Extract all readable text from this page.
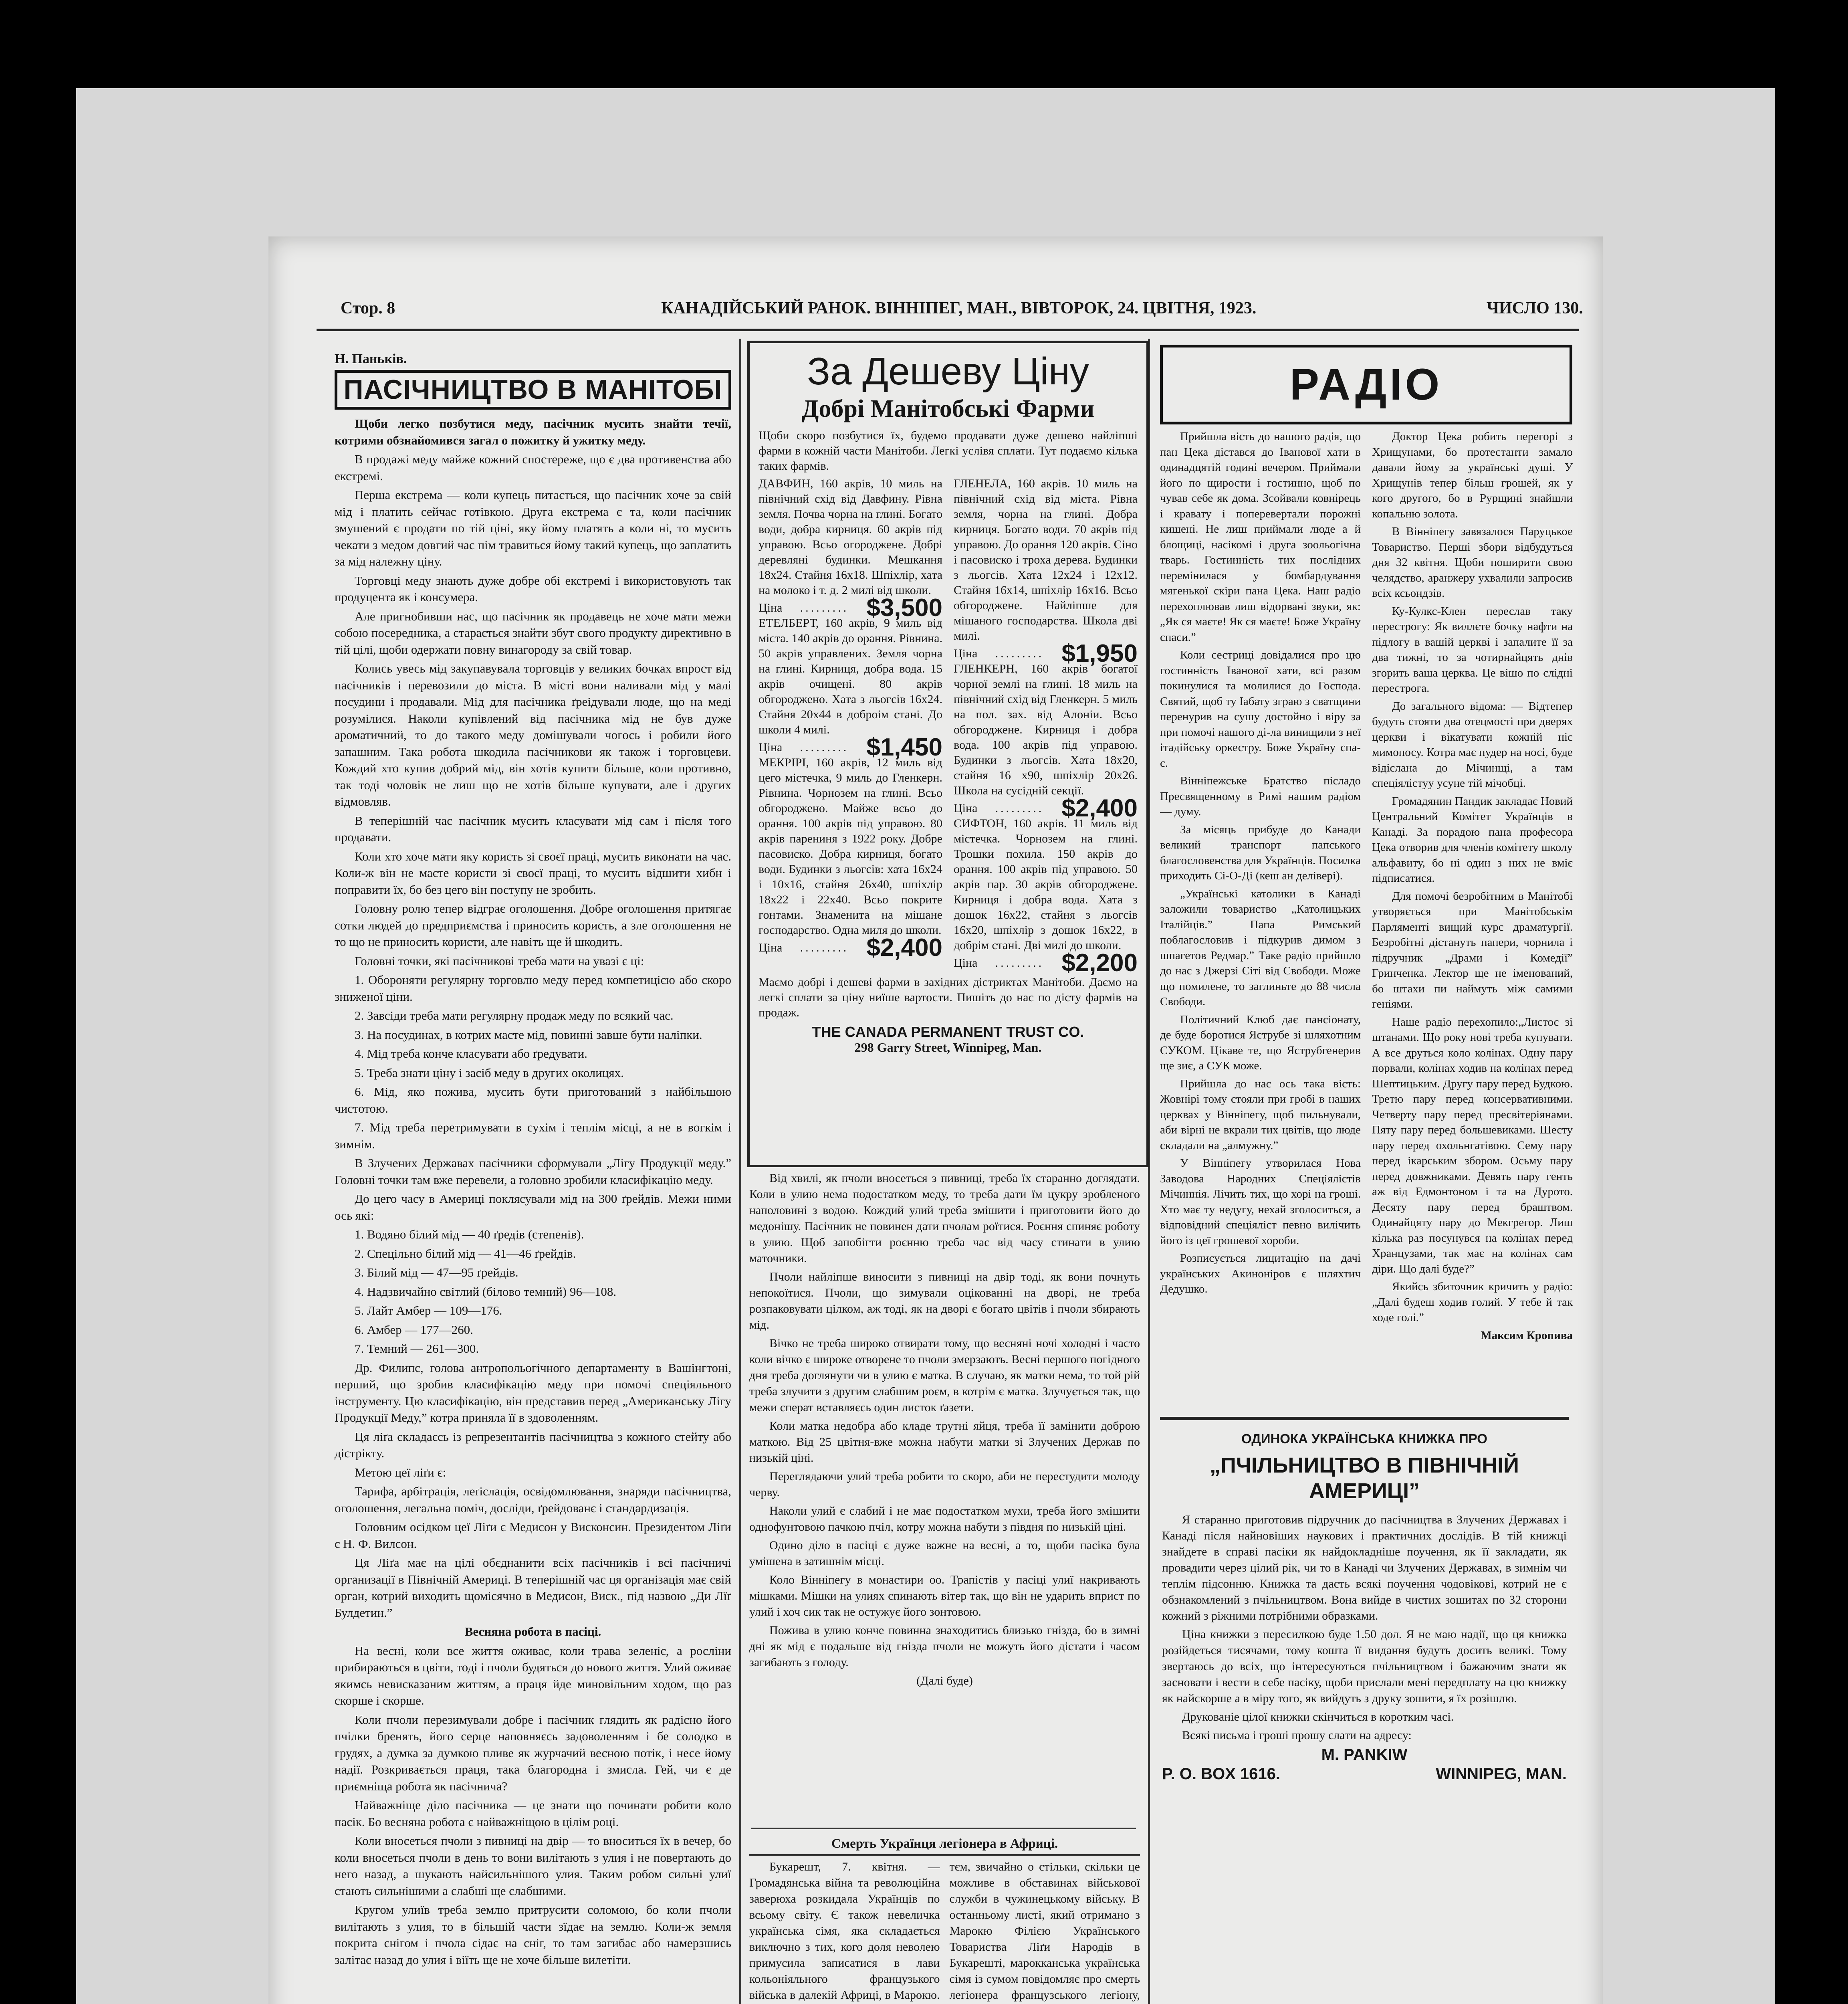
Стор. 8	КАНАДІЙСЬКИЙ РАНОК. ВІННІПЕГ, МАН., ВІВТОРОК, 24. ЦВІТНЯ, 1923.	ЧИСЛО 130.
Н. Паньків.
ПАСІЧНИЦТВО В МАНІТОБІ

Щоби легко позбутися меду, пасічник мусить знайти течії, котрими обзнайомився загал о пожитку й ужитку меду.

В продажі меду майже кожний спостереже, що є два противенства або екстремі.

Перша екстрема — коли купець питається, що пасічник хоче за свій мід і платить сейчас готівкою. Друга екстрема є та, коли пасічник змушений є продати по тій ціні, яку йому платять а коли ні, то мусить чекати з медом довгий час пім травиться йому такий купець, що заплатить за мід належну ціну.

Торговці меду знають дуже добре обі екстремі і використовують так продуцента як і консумера.

Але пригнобивши нас, що пасічник як продавець не хоче мати межи собою посередника, а старається знайти збут свого продукту директивно в тій цілі, щоби одержати повну винагороду за свій товар.

Колись увесь мід закупавувала торговців у великих бочках впрост від пасічників і перевозили до міста. В місті вони наливали мід у малі посудини і продавали. Мід для пасічника ґреідували люде, що на меді розумілися. Наколи купівлений від пасічника мід не був дуже ароматичний, то до такого меду домішували чогось і робили його запашним. Така робота шкодила пасічникови як також і торговцеви. Кождий хто купив добрий мід, він хотів купити більше, коли противно, так тоді чоловік не лиш що не хотів більше купувати, але і других відмовляв.

В теперішній час пасічник мусить класувати мід сам і після того продавати.

Коли хто хоче мати яку користь зі своєї праці, мусить виконати на час. Коли-ж він не маєте користи зі своєї праці, то мусить відшити хибн і поправити їх, бо без цего він поступу не зробить.

Головну ролю тепер відграє оголошення. Добре оголошення притягає сотки людей до предприємства і приносить користь, а зле оголошення не то що не приносить користи, але навіть ще й шкодить.

Головні точки, які пасічникові треба мати на увазі є ці:

1. Обороняти регулярну торговлю меду перед компетицією або скоро зниженої ціни.

2. Завсіди треба мати регулярну продаж меду по всякий час.

3. На посудинах, в котрих масте мід, повинні завше бути наліпки.

4. Мід треба конче класувати або ґредувати.

5. Треба знати ціну і засіб меду в других околицях.

6. Мід, яко поживa, мусить бути приготований з найбільшою чистотою.

7. Мід треба перетримувати в сухім і теплім місці, а не в вогкім і зимнім.

В Злучених Державах пасічники сформували „Лігу Продукції меду.” Головні точки там вже перевели, а головно зробили класифікацію меду.

До цего часу в Америці поклясували мід на 300 ґрейдів. Межи ними ось які:

1. Водяно білий мід — 40 ґредів (степенів).

2. Спецільно білий мід — 41—46 ґрейдів.

3. Білий мід — 47—95 ґрейдів.

4. Надзвичайно світлий (білово темний) 96—108.

5. Лайт Амбер — 109—176.

6. Амбер — 177—260.

7. Темний — 261—300.

Др. Филипс, голова антропольогічного департаменту в Вашінгтоні, перший, що зробив класифікацію меду при помочі спеціяльного інструменту. Цю класифікацію, він представив перед „Американську Лігу Продукції Меду,” котра приняла її в здоволенням.

Ця ліґа складаєсь із репрезентантів пасічництва з кожного стейту або дістрікту.

Метою цеї ліґи є:

Тарифа, арбітрація, леґіслація, освідомлювання, знаряди пасічництва, оголошення, легальна поміч, досліди, ґрейдованє і стандардизація.

Головним осідком цеї Ліґи є Медисон у Висконсин. Президентом Ліґи є Н. Ф. Вилсон.

Ця Ліґа має на цілі обєднанити всіх пасічників і всі пасічничі организації в Північній Америці. В теперішній час ця організація має свій орган, котрий виходить щомісячно в Медисон, Виск., під назвою „Ди Лїґ Булдетин.”

Весняна робота в пасіці.

На весні, коли все життя оживає, коли трава зеленіє, а росліни прибираються в цвіти, тоді і пчоли будяться до новогo життя. Улий оживає якимсь невисказаним життям, а праця йде миновільним ходом, що раз скорше і скорше.

Коли пчоли перезимували добре і пасічник глядить як радісно його пчілки бренять, його серце наповняєсь задоволенням і бе солодко в грудях, а думка за думкою пливе як журчачий весною потік, і несе йому надії. Розкривається праця, така благородна і змисла. Гей, чи є де приємніща робота як пасічнича?

Найважніще діло пасічника — це знати що починати робити коло пасік. Бо весняна робота є найважніщою в цілім році.

Коли вносеться пчоли з пивниці на двір — то вноситься їх в вечер, бо коли вносеться пчоли в день то вони вилітають з улия і не повертають до него назад, а шукають найсильнішого улия. Таким робом сильні улиї стають сильнішими а слабші ще слабшими.

Кругом улиїв треба землю притрусити соломою, бо коли пчоли вилітають з улия, то в більшій части зїдає на землю. Коли-ж земля покрита снігом і пчола сідає на сніг, то там загибає або намерзшись залітає назад до улия і віїть ще не хоче більше вилетіти.

За Дешеву Ціну
Добрі Манітобські Фарми

Щоби скоро позбутися їх, будемо продавати дуже дешево найліпші фарми в кожній части Манітоби. Легкі услівя сплати. Тут подаємо кілька таких фармів.

ДАВФИН, 160 акрів, 10 миль на північний схід від Давфину. Рівна земля. Почва чорна на глині. Богато води, добра кирниця. 60 акрів під управою. Всьо огороджене. Добрі деревляні будинки. Мешкання 18x24. Стайня 16x18. Шпіхлір, хата на молоко і т. д. 2 милі від школи.

Ціна ......... $3,500

ЕТЕЛБЕРТ, 160 акрів, 9 миль від міста. 140 акрів до орання. Рівнина. 50 акрів управлених. Земля чорна на глині. Кирниця, добра вода. 15 акрів очищені. 80 акрів обгороджено. Хата з льогсів 16x24. Стайня 20x44 в доброім стані. До школи 4 милі.

Ціна ......... $1,450

МЕКРІРІ, 160 акрів, 12 миль від цего містечка, 9 миль до Гленкерн. Рівнина. Чорнозем на глині. Всьо обгороджено. Майже всьо до орання. 100 акрів під управою. 80 акрів парениня з 1922 року. Добре пасовиско. Добра кирниця, богато води. Будинки з льогсів: хата 16x24 і 10x16, стайня 26x40, шпіхлір 18x22 і 22x40. Всьо покрите гонтами. Знаменита на мішане господарство. Одна миля до школи.

Ціна ......... $2,400

ГЛЕНЕЛА, 160 акрів. 10 миль на північний схід від міста. Рівна земля, чорна на глині. Добра кирниця. Богато води. 70 акрів під управою. До орання 120 акрів. Сіно і пасовиско і троха дерева. Будинки з льогсів. Хата 12x24 і 12x12. Стайня 16x14, шпіхлір 16x16. Всьо обгороджене. Найліпше для мішаного господарства. Школа дві милі.

Ціна ......... $1,950

ГЛЕНКЕРН, 160 акрів богатої чорної землі на глині. 18 миль на північний схід від Гленкерн. 5 миль на пол. зах. від Алоніи. Всьо обгороджене. Кирниця і добра вода. 100 акрів під управою. Будинки з льогсів. Хата 18x20, стайня 16 x90, шпіхлір 20x26. Школа на сусідній секції.

Ціна ......... $2,400

СИФТОН, 160 акрів. 11 миль від містечка. Чорнозем на глині. Трошки похила. 150 акрів до орання. 100 акрів під управою. 50 акрів пар. 30 акрів обгороджене. Кирниця і добра вода. Хата з дошок 16x22, стайня з льогсів 16x20, шпіхлір з дошок 16x22, в добрім стані. Дві милі до школи.

Ціна ......... $2,200

Маємо добрі і дешеві фарми в західних дістриктах Манітоби. Даємо на легкі сплати за ціну ниїше вартости. Пишіть до нас по дісту фармів на продаж.

THE CANADA PERMANENT TRUST CO.
298 Garry Street, Winnipeg, Man.

Від хвилі, як пчоли вносеться з пивниці, треба їх старанно доглядати. Коли в улию нема подостатком меду, то треба дати їм цукру зробленого наполовині з водою. Кождий улий треба змішити і приготовити його до медонішу. Пасічник не повинен дати пчолам роїтися. Роєння спиняє роботу в улию. Щоб запобігти роєнню треба час від часу стинати в улию маточники.

Пчоли найліпше виносити з пивниці на двір тоді, як вони почнуть непокоїтися. Пчоли, що зимували оцікованні на дворі, не треба розпаковувати цілком, аж тоді, як на дворі є богато цвітів і пчоли збирають мід.

Вічко не треба широко отвирати тому, що весняні ночі холодні і часто коли вічко є широке отворене то пчоли змерзають. Весні першого погідного дня треба доглянути чи в улию є матка. В случаю, як матки нема, то той рій треба злучити з другим слабшим роєм, в котрім є матка. Злучується так, що межи сперат вставляєсь один листок ґазети.

Коли матка недобра або кладе трутні яйця, треба її замінити доброю маткою. Від 25 цвітня-вже можна набути матки зі Злучених Держав по низькій ціні.

Переглядаючи улий треба робити то скоро, аби не перестудити молоду черву.

Наколи улий є слабий і не має подостатком мухи, треба його змішити однофунтовою пачкою пчіл, котру можна набути з півдня по низькій ціні.

Одино діло в пасіці є дуже важне на весні, а то, щоби пасіка була умішена в затишнім місці.

Коло Вінніпегу в монастири оо. Трапістів у пасіці улиї накривають мішками. Мішки на улиях спинають вітер так, що він не ударить вприст по улий і хоч сик так не остужує його зонтовою.

Пожива в улию конче повинна знаходитись близько гніздa, бо в зимні дні як мід є подальше від гнізда пчоли не можуть його дістати і часом загибають з голоду.

(Далі буде)

Смерть Українця легіонера в Африці.

Букарешт, 7. квітня. — Громадянська війна та революційна заверюха розкидала Українців по всьому світу. Є також невеличка українська сімя, яка складається виключно з тих, кого доля неволею примусила записатися в лави кольоніяльного французького війська в далекій Африці, в Марокю.

тєм, звичайно о стільки, скільки це можливе в обставинах військової служби в чужинецькому війську. В останньому листі, який отримано з Марокю Філією Українського Товариства Ліґи Народів в Букарешті, марокканська українська сімя із сумом повідомляє про смерть легіонера французського легіону,

РАДІО

Прийшла вість до нашого радія, що пан Цека дістався до Іванової хати в одинадцятій годині вечером. Приймали його по щирости і гостинно, щоб по чував себе як дома. Зсойвали ковнірець і кравату і поперевертали порожні кишені. Не лиш приймали люде а й блощиці, насікомі і друга зоольогічна тварь. Гостинність тих послідних перемінилася у бомбардування мягенької скіри пана Цека. Наш радіо перехоплював лиш відорвані звуки, як: „Як ся маєте! Як ся маєте! Боже Українy спаси.”

Коли сестриці довідалися про цю гостинність Іванової хати, всі разом покинулися та молилися до Господа. Святий, щоб ту Іабату зграю з сватщини перенурив на сушу достойно і віру за при помочі нашого ді-ла винищили з неї ітадійську оркестру. Боже Україну спа-с.

Вінніпежське Братство післадо Пресвященному в Римі нашим радіом — думу.

За місяць прибуде до Канади великий транспорт папського благословенства для Українців. Посилка приходить Сі-О-Ді (кеш ан делівері).

„Українські католики в Канаді заложили товариство „Католицьких Італійців.” Папа Римський поблагословив і підкурив димом з шпагетов Редмар.” Таке радіо прийшло до нас з Джерзі Сіті від Свободи. Може що помилене, то заглиньте до 88 числа Свободи.

Політичний Клюб дає пансіонату, де буде боротися Яструбе зі шляхотним СУКОМ. Цікаве те, що Яструбгенерив ще зиє, а СУК може.

Прийшла до нас ось така вість: Жовнірі тому стояли при гробі в наших церквах у Вінніпегу, щоб пильнували, аби вірні не вкрали тих цвітів, що люде складали на „алмужну.”

У Вінніпегу утворилася Нова Заводова Народних Спеціялістів Мічиннія. Лічить тих, що хорі на гроші. Хто має ту недугу, нехай зголоситься, а відповідний спеціяліст певно вилічить його із цеї грошевої хороби.

Розписується лицитацію на дачі українських Акиноніров є шляхтич Дедушко.

Доктор Цека робить перегорі з Хрищунами, бо протестанти замало давали йому за українські душі. У Хрищунів тепер більш грошей, як у кого другого, бо в Рурщині знайшли копальню золота.

В Вінніпегу завязалося Паруцькое Товариство. Перші збори відбудуться дня 32 квітня. Щоби поширити свою челядство, аранжеру ухвалили запросив всіх ксьондзів.

Ку-Кулкс-Клен переслав таку перестрогу: Як виллєте бочку нафти на підлогу в вашій церкві і запалите її за два тижні, то за чотирнайцять днів згорить ваша церква. Це вішо по сліднi перестрога.

До загального відома: — Відтепер будуть стояти два отецмості при дверях церкви і вікатувати кожній ніс мимопосу. Котра має пудер на носі, буде відіслана до Мічинщі, а там спеціялістуу усуне тій мічобці.

Громадянин Пандик закладає Новий Центральний Комітет Українців в Канаді. За порадою пана професора Цека отворив для членів комітету школу альфавиту, бо ні один з них не вміє підписатися.

Для помочі безробітним в Манітобі утворяється при Манітобськім Парляменті вищий курс драматургії. Безробітні дістануть папери, чорнила і підручник „Драми і Комедії” Гринченка. Лектор ще не іменований, бо штахи пи наймуть між самими геніями.

Наше радіо перехопило:„Листос зі штанами. Щo року нові треба купувати. А все друться коло колінах. Одну пару порвали, колінах ходив на колінах перед Шептицьким. Другу пару перед Будкою. Третю пару перед консервативними. Четверту пару перед пресвітеріянами. Пяту пару перед большевиками. Шесту пару перед охольнгатівою. Сему пару перед ікарським збором. Осьму пару перед довжниками. Девять пару генть аж від Едмонтоном і та на Дурото. Десяту пару перед браштвом. Одинайцяту пару до Мекгрегор. Лиш кілька раз посунувся на колінах перед Хранцузами, так має на колінах сам діри. Що далі буде?”

Якийсь збиточник кричить у радіо: „Далі будеш ходив голий. У тебе й так ходе голі.”

Максим Кропива

ОДИНОКА УКРАЇНСЬКА КНИЖКА ПРО
„ПЧІЛЬНИЦТВО В ПІВНІЧНІЙ АМЕРИЦІ”

Я старанно приготовив підручник до пасічництва в Злучених Державах і Канаді після найновіших наукових і практичних дослідів. В тій книжці знайдете в справі пасіки як найдокладніше поучення, як її закладати, як провадити через цілий рік, чи то в Канаді чи Злучених Державах, в зимнім чи теплім підсонню. Книжка та дасть всякі поучення чодовікові, котрий не є обзнакомлений з пчільництвом. Вона вийде в чистих зошитах по 32 сторони кожний з ріжними потрібними образками.

Ціна книжки з пересилкою буде 1.50 дол. Я не маю надії, що ця книжка розійдеться тисячами, тому кошта її видання будуть досить великі. Тому звертаюсь до всіх, що інтересуються пчільництвом і бажаючим знати як засновати і вести в себе пасіку, щоби прислали мені передплату на цю книжку як найскорше а в міру того, як вийдуть з друку зошити, я їх розішлю.

Друкованіе цілої книжки скінчиться в коротким часі.

Всякі письма і гроші прошу слати на адресу:

M. PANKIW
P. O. BOX 1616.	WINNIPEG, MAN.
